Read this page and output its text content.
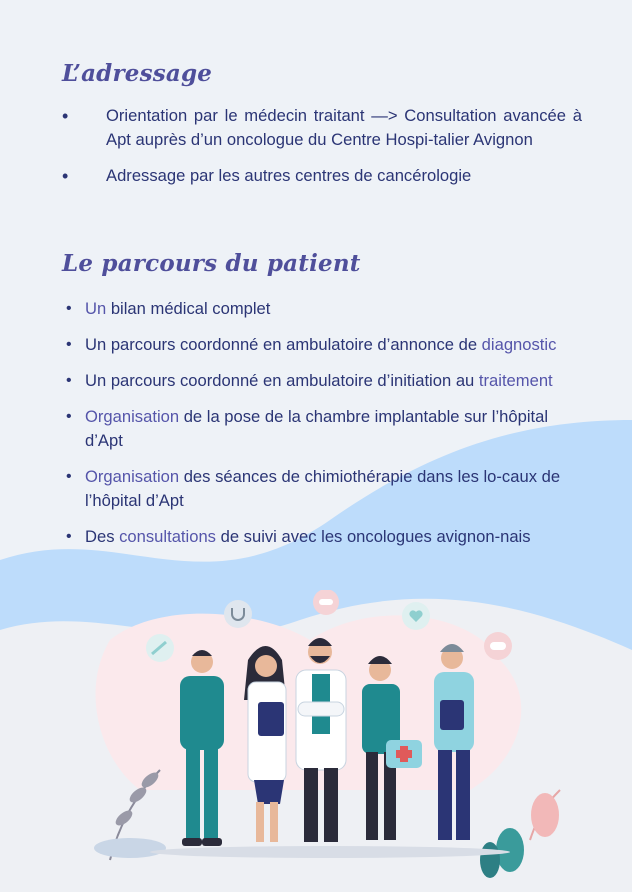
L’adressage
• Orientation par le médecin traitant —> Consultation avancée à Apt auprès d’un oncologue du Centre Hospi-talier Avignon
• Adressage par les autres centres de cancérologie
Le parcours du patient
• Un bilan médical complet
• Un parcours coordonné en ambulatoire d’annonce de diagnostic
• Un parcours coordonné en ambulatoire d’initiation au traitement
• Organisation de la pose de la chambre implantable sur l’hôpital d’Apt
• Organisation des séances de chimiothérapie dans les lo-caux de l’hôpital d’Apt
• Des consultations de suivi avec les oncologues avignon-nais
